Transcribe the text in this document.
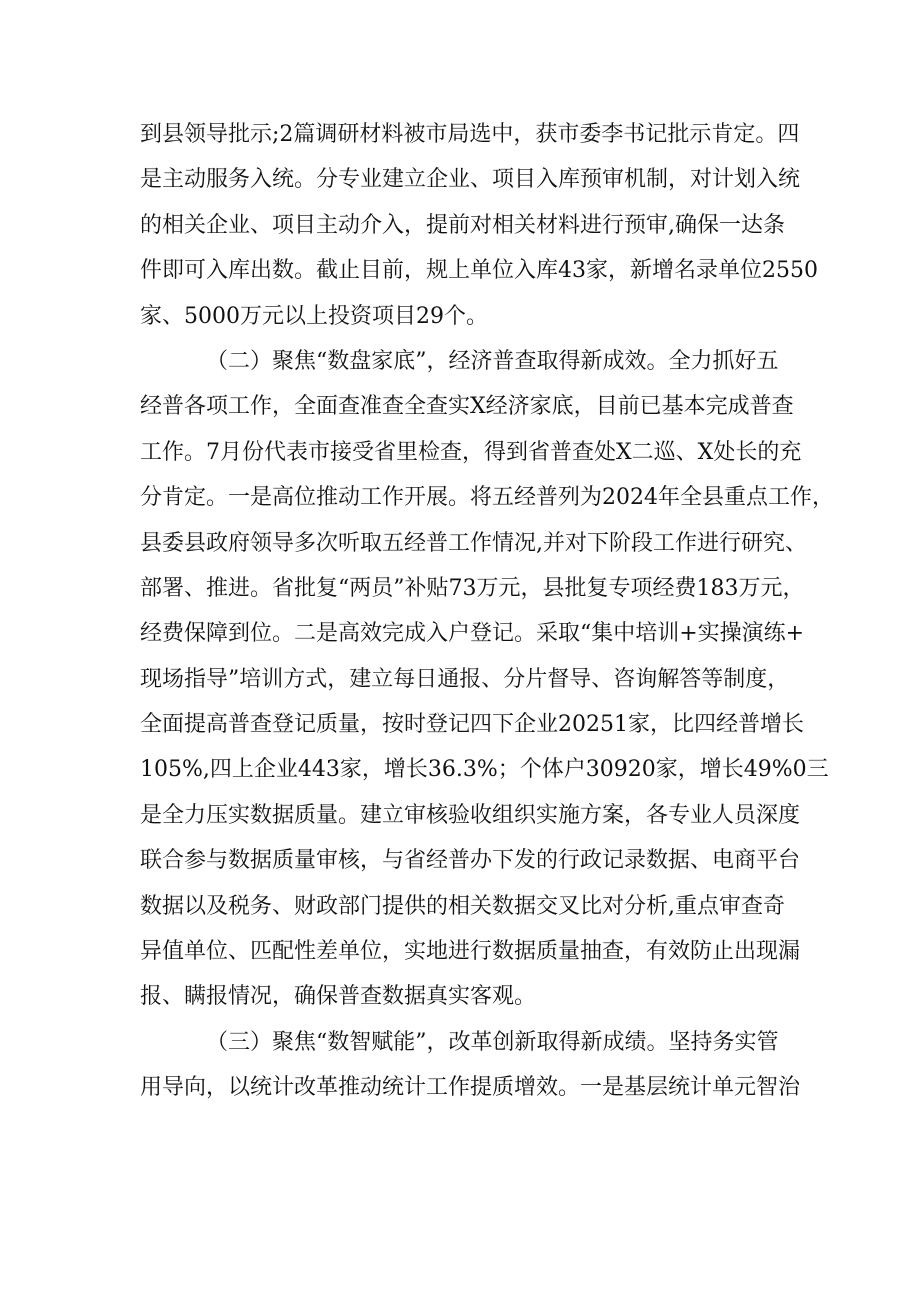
到县领导批示;2篇调研材料被市局选中，获市委李书记批示肯定。四
是主动服务入统。分专业建立企业、项目入库预审机制，对计划入统
的相关企业、项目主动介入，提前对相关材料进行预审,确保一达条
件即可入库出数。截止目前，规上单位入库43家，新增名录单位2550
家、5000万元以上投资项目29个。
（二）聚焦“数盘家底”，经济普查取得新成效。全力抓好五
经普各项工作，全面查准查全查实X经济家底，目前已基本完成普查
工作。7月份代表市接受省里检查，得到省普查处X二巡、X处长的充
分肯定。一是高位推动工作开展。将五经普列为2024年全县重点工作，
县委县政府领导多次听取五经普工作情况,并对下阶段工作进行研究、
部署、推进。省批复“两员”补贴73万元，县批复专项经费183万元，
经费保障到位。二是高效完成入户登记。采取“集中培训+实操演练+
现场指导”培训方式，建立每日通报、分片督导、咨询解答等制度，
全面提高普查登记质量，按时登记四下企业20251家，比四经普增长
105%,四上企业443家，增长36.3%；个体户30920家，增长49%0三
是全力压实数据质量。建立审核验收组织实施方案，各专业人员深度
联合参与数据质量审核，与省经普办下发的行政记录数据、电商平台
数据以及税务、财政部门提供的相关数据交叉比对分析,重点审查奇
异值单位、匹配性差单位，实地进行数据质量抽查，有效防止出现漏
报、瞒报情况，确保普查数据真实客观。
（三）聚焦“数智赋能”，改革创新取得新成绩。坚持务实管
用导向，以统计改革推动统计工作提质增效。一是基层统计单元智治
